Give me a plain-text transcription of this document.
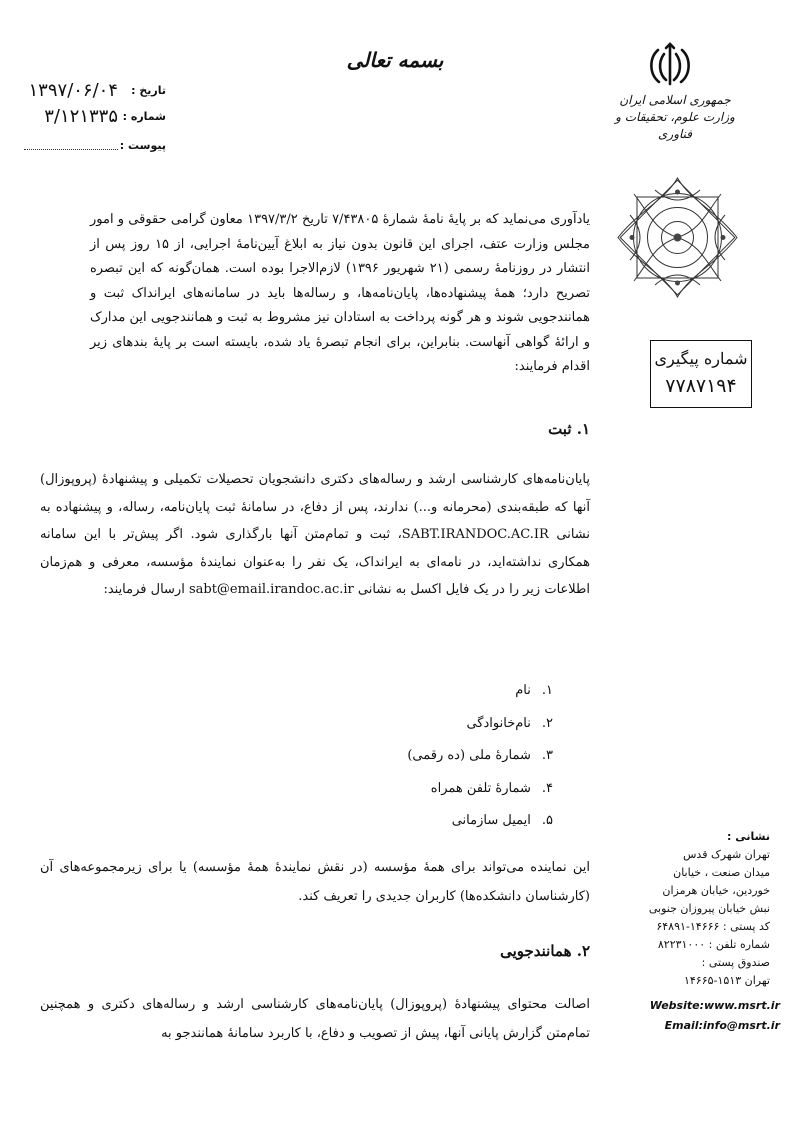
بسمه تعالی
جمهوری اسلامی ایران
وزارت علوم، تحقیقات و فناوری
تاریخ :
۱۳۹۷/۰۶/۰۴
شماره :
۳/۱۲۱۳۳۵
پیوست :
شماره پیگیری
۷۷۸۷۱۹۴
یادآوری می‌نماید که بر پایهٔ نامهٔ شمارهٔ ۷/۴۳۸۰۵ تاریخ ۱۳۹۷/۳/۲ معاون گرامی حقوقی و امور مجلس وزارت عتف، اجرای این قانون بدون نیاز به ابلاغ آیین‌نامهٔ اجرایی، از ۱۵ روز پس از انتشار در روزنامهٔ رسمی (۲۱ شهریور ۱۳۹۶) لازم‌الاجرا بوده است. همان‌گونه که این تبصره تصریح دارد؛ همهٔ پیشنهاده‌ها، پایان‌نامه‌ها، و رساله‌ها باید در سامانه‌های ایرانداک ثبت و همانندجویی شوند و هر گونه پرداخت به استادان نیز مشروط به ثبت و همانندجویی این مدارک و ارائهٔ گواهی آنهاست. بنابراین، برای انجام تبصرهٔ یاد شده، بایسته است بر پایهٔ بندهای زیر اقدام فرمایند:
۱. ثبت
پایان‌نامه‌های کارشناسی ارشد و رساله‌های دکتری دانشجویان تحصیلات تکمیلی و پیشنهادهٔ (پروپوزال) آنها که طبقه‌بندی (محرمانه و...) ندارند، پس از دفاع، در سامانهٔ ثبت پایان‌نامه، رساله، و پیشنهاده به نشانی SABT.IRANDOC.AC.IR، ثبت و تمام‌متن آنها بارگذاری شود. اگر پیش‌تر با این سامانه همکاری نداشته‌اید، در نامه‌ای به ایرانداک، یک نفر را به‌عنوان نمایندهٔ مؤسسه، معرفی و هم‌زمان اطلاعات زیر را در یک فایل اکسل به نشانی sabt@email.irandoc.ac.ir ارسال فرمایند:
۱. نام
۲. نام‌خانوادگی
۳. شمارهٔ ملی (ده رقمی)
۴. شمارهٔ تلفن همراه
۵. ایمیل سازمانی
این نماینده می‌تواند برای همهٔ مؤسسه (در نقش نمایندهٔ همهٔ مؤسسه) یا برای زیرمجموعه‌های آن (کارشناسان دانشکده‌ها) کاربران جدیدی را تعریف کند.
۲. همانندجویی
اصالت محتوای پیشنهادهٔ (پروپوزال) پایان‌نامه‌های کارشناسی ارشد و رساله‌های دکتری و همچنین تمام‌متن گزارش پایانی آنها، پیش از تصویب و دفاع، با کاربرد سامانهٔ همانندجو به
نشانی :
تهران شهرک قدس
میدان صنعت ، خیابان
خوردین، خیابان هرمزان
نبش خیابان پیروزان جنوبی
کد پستی : ۱۴۶۶۶-۶۴۸۹۱
شماره تلفن : ۸۲۲۳۱۰۰۰
صندوق پستی :
تهران ۱۵۱۳-۱۴۶۶۵
Website:www.msrt.ir
Email:info@msrt.ir
